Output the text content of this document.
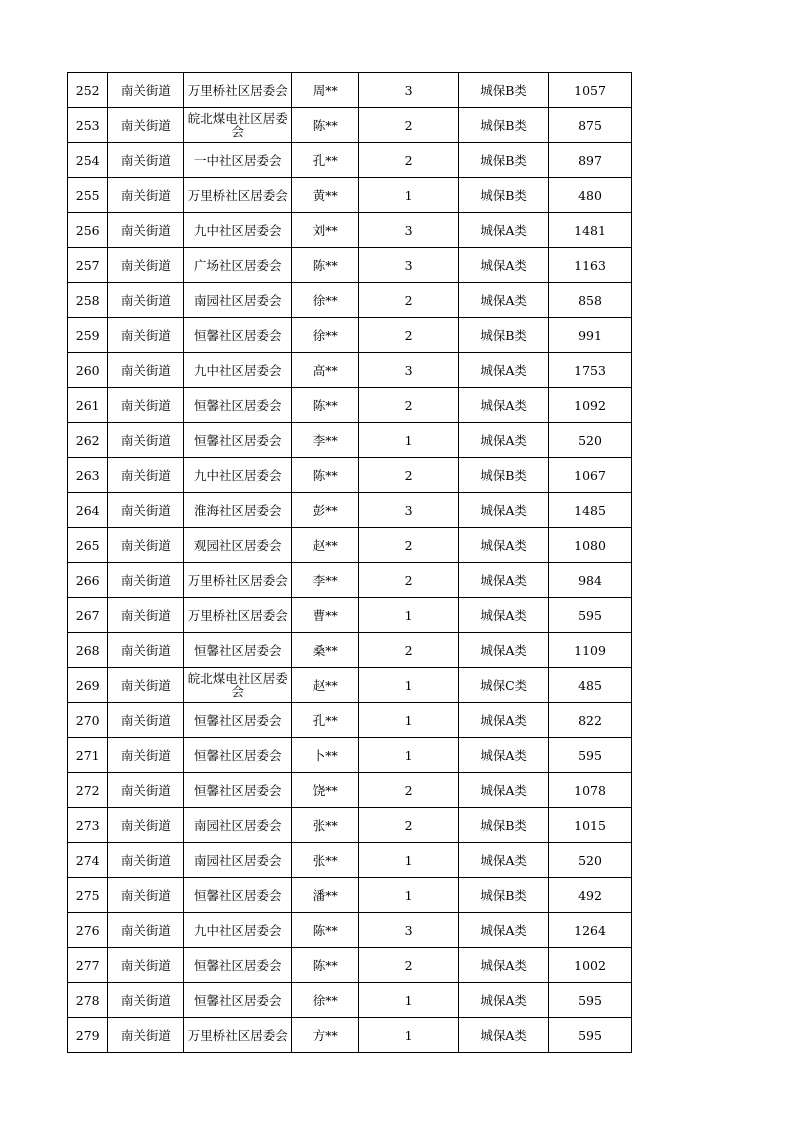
252	南关街道	万里桥社区居委会	周**	3	城保B类	1057
253	南关街道	皖北煤电社区居委会	陈**	2	城保B类	875
254	南关街道	一中社区居委会	孔**	2	城保B类	897
255	南关街道	万里桥社区居委会	黄**	1	城保B类	480
256	南关街道	九中社区居委会	刘**	3	城保A类	1481
257	南关街道	广场社区居委会	陈**	3	城保A类	1163
258	南关街道	南园社区居委会	徐**	2	城保A类	858
259	南关街道	恒馨社区居委会	徐**	2	城保B类	991
260	南关街道	九中社区居委会	高**	3	城保A类	1753
261	南关街道	恒馨社区居委会	陈**	2	城保A类	1092
262	南关街道	恒馨社区居委会	李**	1	城保A类	520
263	南关街道	九中社区居委会	陈**	2	城保B类	1067
264	南关街道	淮海社区居委会	彭**	3	城保A类	1485
265	南关街道	观园社区居委会	赵**	2	城保A类	1080
266	南关街道	万里桥社区居委会	李**	2	城保A类	984
267	南关街道	万里桥社区居委会	曹**	1	城保A类	595
268	南关街道	恒馨社区居委会	桑**	2	城保A类	1109
269	南关街道	皖北煤电社区居委会	赵**	1	城保C类	485
270	南关街道	恒馨社区居委会	孔**	1	城保A类	822
271	南关街道	恒馨社区居委会	卜**	1	城保A类	595
272	南关街道	恒馨社区居委会	饶**	2	城保A类	1078
273	南关街道	南园社区居委会	张**	2	城保B类	1015
274	南关街道	南园社区居委会	张**	1	城保A类	520
275	南关街道	恒馨社区居委会	潘**	1	城保B类	492
276	南关街道	九中社区居委会	陈**	3	城保A类	1264
277	南关街道	恒馨社区居委会	陈**	2	城保A类	1002
278	南关街道	恒馨社区居委会	徐**	1	城保A类	595
279	南关街道	万里桥社区居委会	方**	1	城保A类	595
